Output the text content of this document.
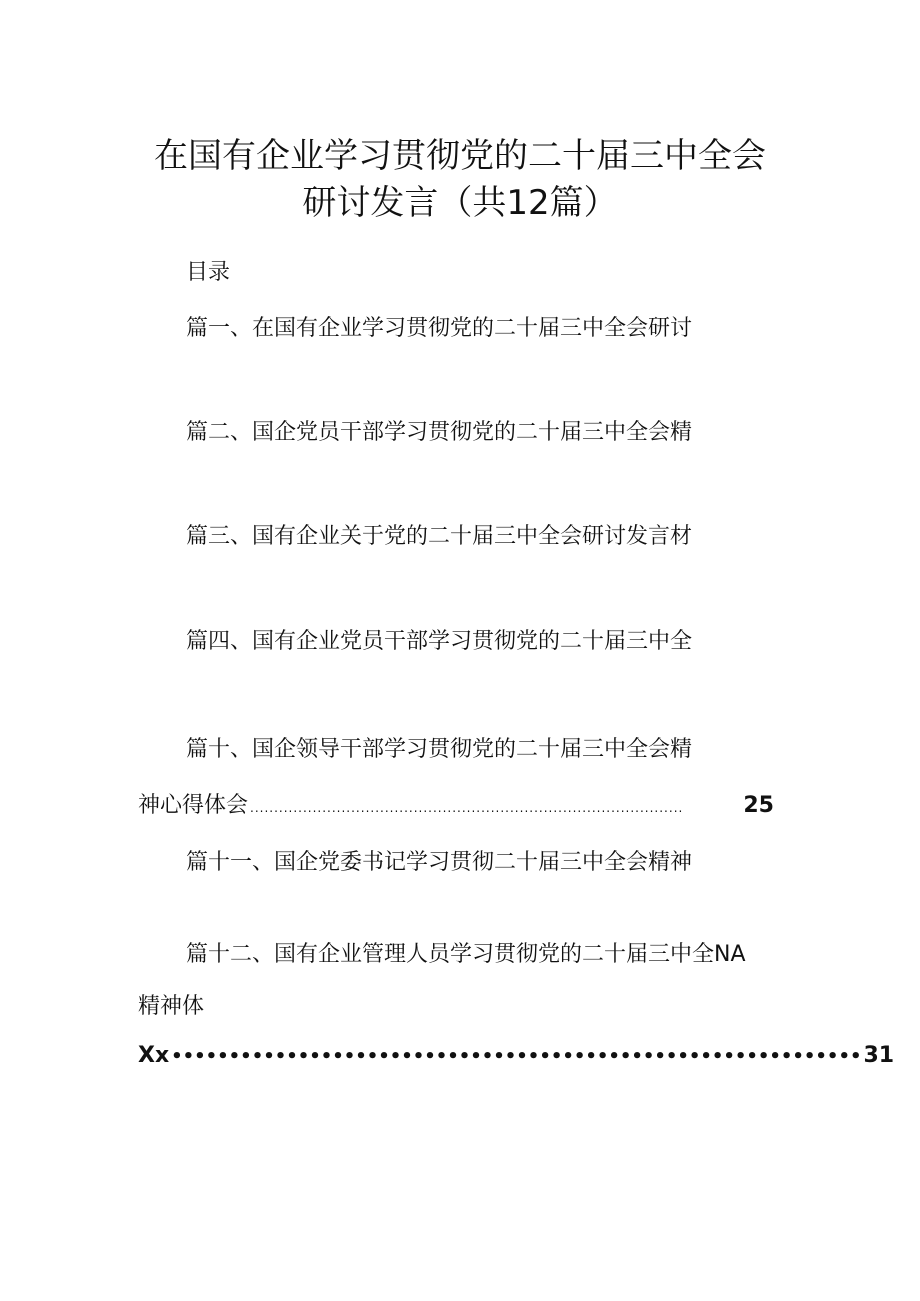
在国有企业学习贯彻党的二十届三中全会
研讨发言（共12篇）
目录
篇一、在国有企业学习贯彻党的二十届三中全会研讨
篇二、国企党员干部学习贯彻党的二十届三中全会精
篇三、国有企业关于党的二十届三中全会研讨发言材
篇四、国有企业党员干部学习贯彻党的二十届三中全
篇十、国企领导干部学习贯彻党的二十届三中全会精
神心得体会 ..........................................................................................	25
篇十一、国企党委书记学习贯彻二十届三中全会精神
篇十二、国有企业管理人员学习贯彻党的二十届三中全NA
精神体
Xx •••••••••••••••••••••••••••••••••••••••••••••••••••••••••••• 31
